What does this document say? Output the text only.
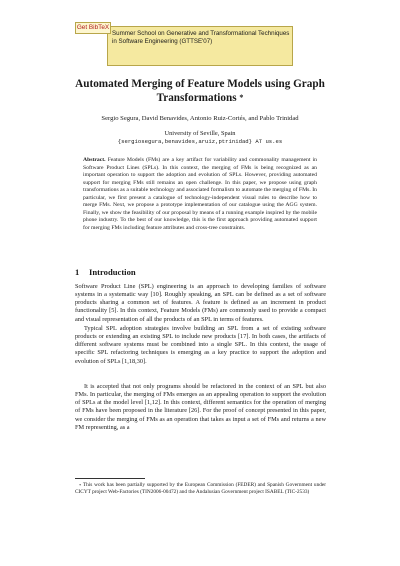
Summer School on Generative and Transformational Techniques in Software Engineering (GTTSE'07)
Get BibTeX
Automated Merging of Feature Models using Graph Transformations *
Sergio Segura, David Benavides, Antonio Ruiz-Cortés, and Pablo Trinidad
University of Seville, Spain
{sergiosegura,benavides,aruiz,ptrinidad} AT us.es
Abstract. Feature Models (FMs) are a key artifact for variability and commonality management in Software Product Lines (SPLs). In this context, the merging of FMs is being recognized as an important operation to support the adoption and evolution of SPLs. However, providing automated support for merging FMs still remains an open challenge. In this paper, we propose using graph transformations as a suitable technology and associated formalism to automate the merging of FMs. In particular, we first present a catalogue of technology-independent visual rules to describe how to merge FMs. Next, we propose a prototype implementation of our catalogue using the AGG system. Finally, we show the feasibility of our proposal by means of a running example inspired by the mobile phone industry. To the best of our knowledge, this is the first approach providing automated support for merging FMs including feature attributes and cross-tree constraints.
1 Introduction
Software Product Line (SPL) engineering is an approach to developing families of software systems in a systematic way [10]. Roughly speaking, an SPL can be defined as a set of software products sharing a common set of features. A feature is defined as an increment in product functionality [5]. In this context, Feature Models (FMs) are commonly used to provide a compact and visual representation of all the products of an SPL in terms of features.
Typical SPL adoption strategies involve building an SPL from a set of existing software products or extending an existing SPL to include new products [17]. In both cases, the artifacts of different software systems must be combined into a single SPL. In this context, the usage of specific SPL refactoring techniques is emerging as a key practice to support the adoption and evolution of SPLs [1,18,30].
It is accepted that not only programs should be refactored in the context of an SPL but also FMs. In particular, the merging of FMs emerges as an appealing operation to support the evolution of SPLs at the model level [1,12]. In this context, different semantics for the operation of merging of FMs have been proposed in the literature [26]. For the proof of concept presented in this paper, we consider the merging of FMs as an operation that takes as input a set of FMs and returns a new FM representing, as a
* This work has been partially supported by the European Commission (FEDER) and Spanish Government under CICYT project Web-Factories (TIN2006-00472) and the Andalusian Government project ISABEL (TIC-2533)
